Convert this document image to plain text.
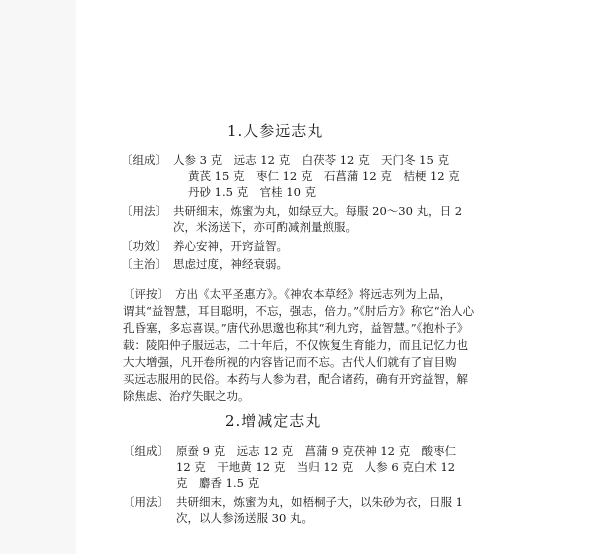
1.人参远志丸
〔组成〕 人参 3 克　远志 12 克　白茯苓 12 克　天门冬 15 克
黄芪 15 克　枣仁 12 克　石菖蒲 12 克　桔梗 12 克
丹砂 1.5 克　官桂 10 克
〔用法〕 共研细末，炼蜜为丸，如绿豆大。每服 20～30 丸，日 2
次，米汤送下，亦可酌减剂量煎服。
〔功效〕 养心安神，开窍益智。
〔主治〕 思虑过度，神经衰弱。
〔评按〕 方出《太平圣惠方》。《神农本草经》将远志列为上品，
谓其“益智慧，耳目聪明，不忘，强志，倍力。”《肘后方》称它“治人心
孔昏塞，多忘喜误。”唐代孙思邈也称其“利九窍，益智慧。”《抱朴子》
载：陵阳仲子服远志，二十年后，不仅恢复生育能力，而且记忆力也
大大增强，凡开卷所视的内容皆记而不忘。古代人们就有了盲目购
买远志服用的民俗。本药与人参为君，配合诸药，确有开窍益智，解
除焦虑、治疗失眠之功。
2.增减定志丸
〔组成〕 原蚕 9 克　远志 12 克　菖蒲 9 克茯神 12 克　酸枣仁
12 克　干地黄 12 克　当归 12 克　人参 6 克白术 12
克　麝香 1.5 克
〔用法〕 共研细末，炼蜜为丸，如梧桐子大，以朱砂为衣，日服 1
次，以人参汤送服 30 丸。
